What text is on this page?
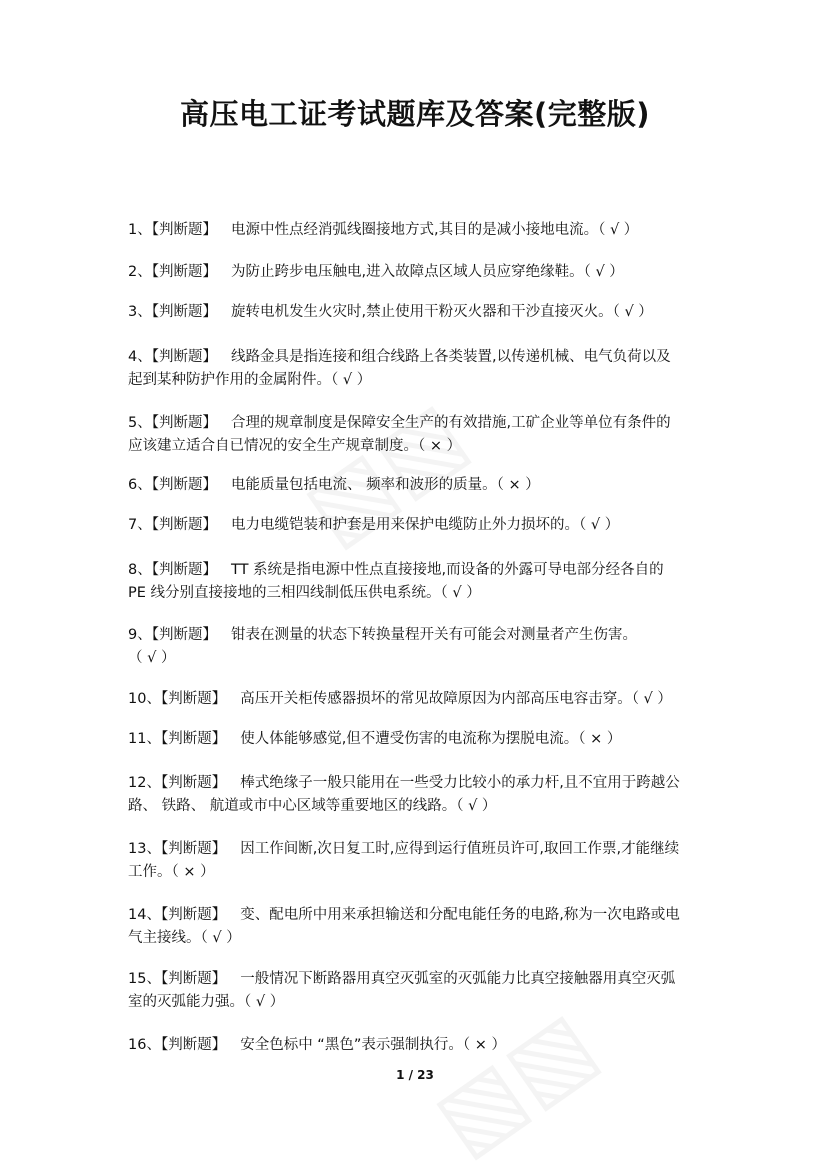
高压电工证考试题库及答案(完整版)
1、【判断题】 电源中性点经消弧线圈接地方式,其目的是减小接地电流。（ √ ）
2、【判断题】 为防止跨步电压触电,进入故障点区域人员应穿绝缘鞋。（ √ ）
3、【判断题】 旋转电机发生火灾时,禁止使用干粉灭火器和干沙直接灭火。（ √ ）
4、【判断题】 线路金具是指连接和组合线路上各类装置,以传递机械、电气负荷以及
起到某种防护作用的金属附件。（ √ ）
5、【判断题】 合理的规章制度是保障安全生产的有效措施,工矿企业等单位有条件的
应该建立适合自已情况的安全生产规章制度。（ × ）
6、【判断题】 电能质量包括电流、 频率和波形的质量。（ × ）
7、【判断题】 电力电缆铠装和护套是用来保护电缆防止外力损坏的。（ √ ）
8、【判断题】 TT 系统是指电源中性点直接接地,而设备的外露可导电部分经各自的
PE 线分别直接接地的三相四线制低压供电系统。（ √ ）
9、【判断题】 钳表在测量的状态下转换量程开关有可能会对测量者产生伤害。
（ √ ）
10、【判断题】 高压开关柜传感器损坏的常见故障原因为内部高压电容击穿。（ √ ）
11、【判断题】 使人体能够感觉,但不遭受伤害的电流称为摆脱电流。（ × ）
12、【判断题】 棒式绝缘子一般只能用在一些受力比较小的承力杆,且不宜用于跨越公
路、 铁路、 航道或市中心区域等重要地区的线路。（ √ ）
13、【判断题】 因工作间断,次日复工时,应得到运行值班员许可,取回工作票,才能继续
工作。（ × ）
14、【判断题】 变、配电所中用来承担输送和分配电能任务的电路,称为一次电路或电
气主接线。（ √ ）
15、【判断题】 一般情况下断路器用真空灭弧室的灭弧能力比真空接触器用真空灭弧
室的灭弧能力强。（ √ ）
16、【判断题】 安全色标中 “黑色”表示强制执行。（ × ）
1 / 23
